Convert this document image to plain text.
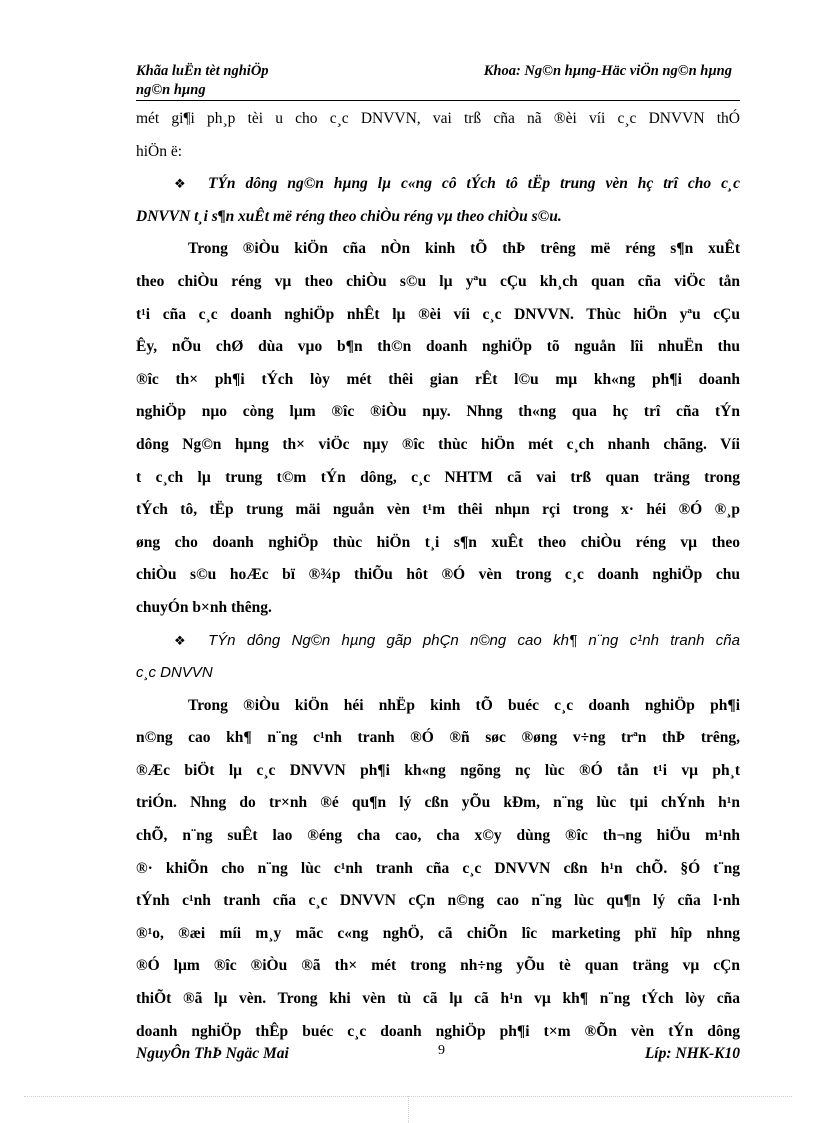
Khãa luËn tèt nghiÖp
ng©n hµng
Khoa: Ng©n hµng-Häc viÖn ng©n hµng
mét gi¶i ph¸p tèi u cho c¸c DNVVN, vai trß cña nã ®èi víi c¸c DNVVN thÓ
hiÖn ë:
❖ TÝn dông ng©n hµng lµ c«ng cô tÝch tô tËp trung vèn hç trî cho c¸c
DNVVN t¸i s¶n xuÊt më réng theo chiÒu réng vµ theo chiÒu s©u.
Trong ®iÒu kiÖn cña nÒn kinh tÕ thÞ trêng më réng s¶n xuÊt
theo chiÒu réng vµ theo chiÒu s©u lµ yªu cÇu kh¸ch quan cña viÖc tån
t¹i cña c¸c doanh nghiÖp nhÊt lµ ®èi víi c¸c DNVVN. Thùc hiÖn yªu cÇu
Êy, nÕu chØ dùa vµo b¶n th©n doanh nghiÖp tõ nguån lîi nhuËn thu
®îc th× ph¶i tÝch lòy mét thêi gian rÊt l©u mµ kh«ng ph¶i doanh
nghiÖp nµo còng lµm ®îc ®iÒu nµy. Nhng th«ng qua hç trî cña tÝn
dông Ng©n hµng th× viÖc nµy ®îc thùc hiÖn mét c¸ch nhanh chãng. Víi
t c¸ch lµ trung t©m tÝn dông, c¸c NHTM cã vai trß quan träng trong
tÝch tô, tËp trung mäi nguån vèn t¹m thêi nhµn rçi trong x· héi ®Ó ®¸p
øng cho doanh nghiÖp thùc hiÖn t¸i s¶n xuÊt theo chiÒu réng vµ theo
chiÒu s©u hoÆc bï ®¾p thiÕu hôt ®Ó vèn trong c¸c doanh nghiÖp chu
chuyÓn b×nh thêng.
❖ TÝn dông Ng©n hµng gãp phÇn n©ng cao kh¶ n¨ng c¹nh tranh cña
c¸c DNVVN
Trong ®iÒu kiÖn héi nhËp kinh tÕ buéc c¸c doanh nghiÖp ph¶i
n©ng cao kh¶ n¨ng c¹nh tranh ®Ó ®ñ søc ®øng v÷ng trªn thÞ trêng,
®Æc biÖt lµ c¸c DNVVN ph¶i kh«ng ngõng nç lùc ®Ó tån t¹i vµ ph¸t
triÓn. Nhng do tr×nh ®é qu¶n lý cßn yÕu kÐm, n¨ng lùc tµi chÝnh h¹n
chÕ, n¨ng suÊt lao ®éng cha cao, cha x©y dùng ®îc th¬ng hiÖu m¹nh
®· khiÕn cho n¨ng lùc c¹nh tranh cña c¸c DNVVN cßn h¹n chÕ. §Ó t¨ng
tÝnh c¹nh tranh cña c¸c DNVVN cÇn n©ng cao n¨ng lùc qu¶n lý cña l·nh
®¹o, ®æi míi m¸y mãc c«ng nghÖ, cã chiÕn lîc marketing phï hîp nhng
®Ó lµm ®îc ®iÒu ®ã th× mét trong nh÷ng yÕu tè quan träng vµ cÇn
thiÕt ®ã lµ vèn. Trong khi vèn tù cã lµ cã h¹n vµ kh¶ n¨ng tÝch lòy cña
doanh nghiÖp thÊp buéc c¸c doanh nghiÖp ph¶i t×m ®Õn vèn tÝn dông
NguyÔn ThÞ Ngäc Mai	9	Líp: NHK-K10
